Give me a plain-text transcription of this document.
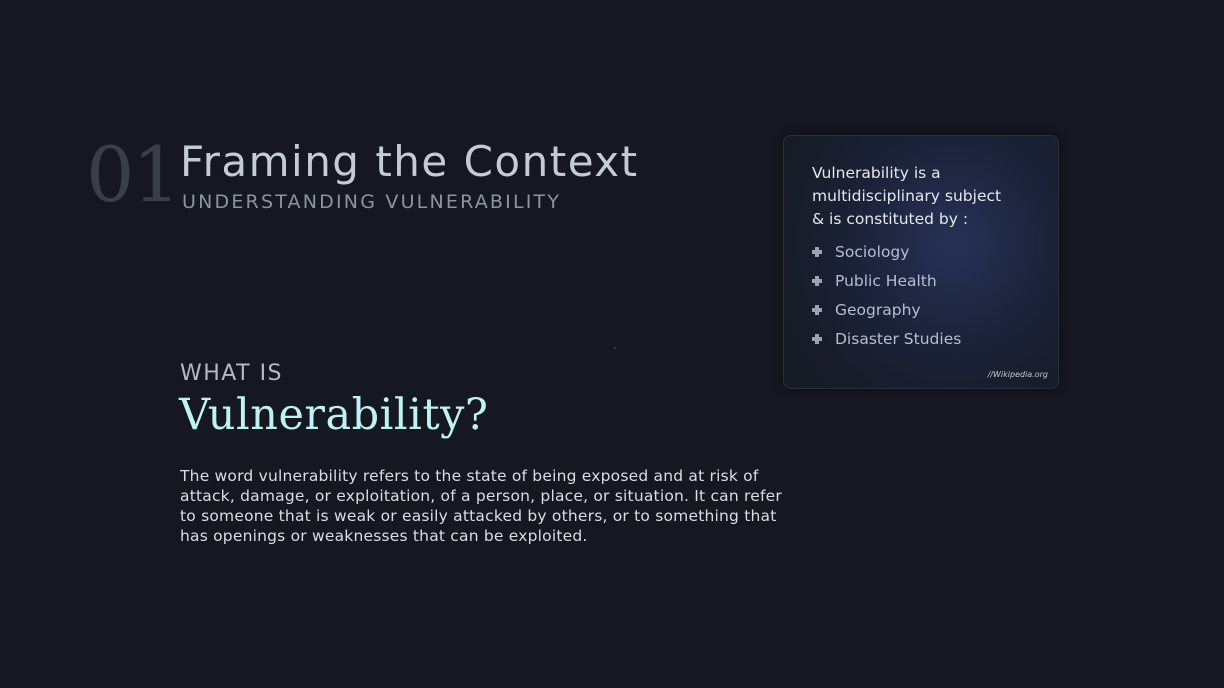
01 Framing the Context
UNDERSTANDING VULNERABILITY
WHAT IS
Vulnerability?
The word vulnerability refers to the state of being exposed and at risk of attack, damage, or exploitation, of a person, place, or situation. It can refer to someone that is weak or easily attacked by others, or to something that has openings or weaknesses that can be exploited.
Vulnerability is a multidisciplinary subject & is constituted by :
Sociology
Public Health
Geography
Disaster Studies
//Wikipedia.org
